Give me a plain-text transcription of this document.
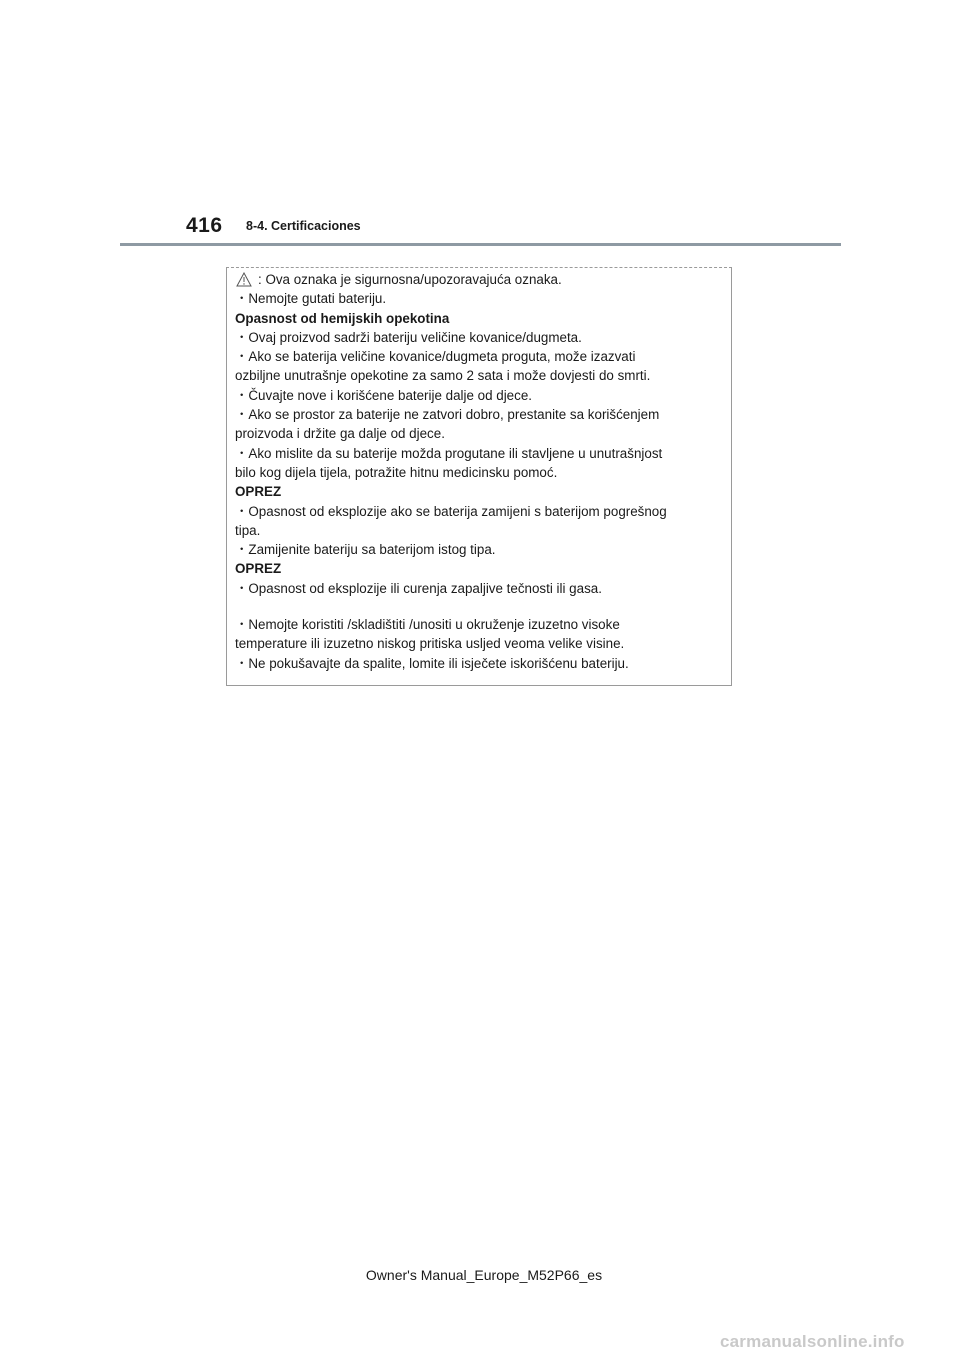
416 8-4. Certificaciones
: Ova oznaka je sigurnosna/upozoravajuća oznaka.
・Nemojte gutati bateriju.
Opasnost od hemijskih opekotina
・Ovaj proizvod sadrži bateriju veličine kovanice/dugmeta.
・Ako se baterija veličine kovanice/dugmeta proguta, može izazvati
ozbiljne unutrašnje opekotine za samo 2 sata i može dovjesti do smrti.
・Čuvajte nove i korišćene baterije dalje od djece.
・Ako se prostor za baterije ne zatvori dobro, prestanite sa korišćenjem
proizvoda i držite ga dalje od djece.
・Ako mislite da su baterije možda progutane ili stavljene u unutrašnjost
bilo kog dijela tijela, potražite hitnu medicinsku pomoć.
OPREZ
・Opasnost od eksplozije ako se baterija zamijeni s baterijom pogrešnog
tipa.
・Zamijenite bateriju sa baterijom istog tipa.
OPREZ
・Opasnost od eksplozije ili curenja zapaljive tečnosti ili gasa.
・Nemojte koristiti /skladištiti /unositi u okruženje izuzetno visoke
temperature ili izuzetno niskog pritiska usljed veoma velike visine.
・Ne pokušavajte da spalite, lomite ili isječete iskorišćenu bateriju.
Owner's Manual_Europe_M52P66_es
carmanualsonline.info
